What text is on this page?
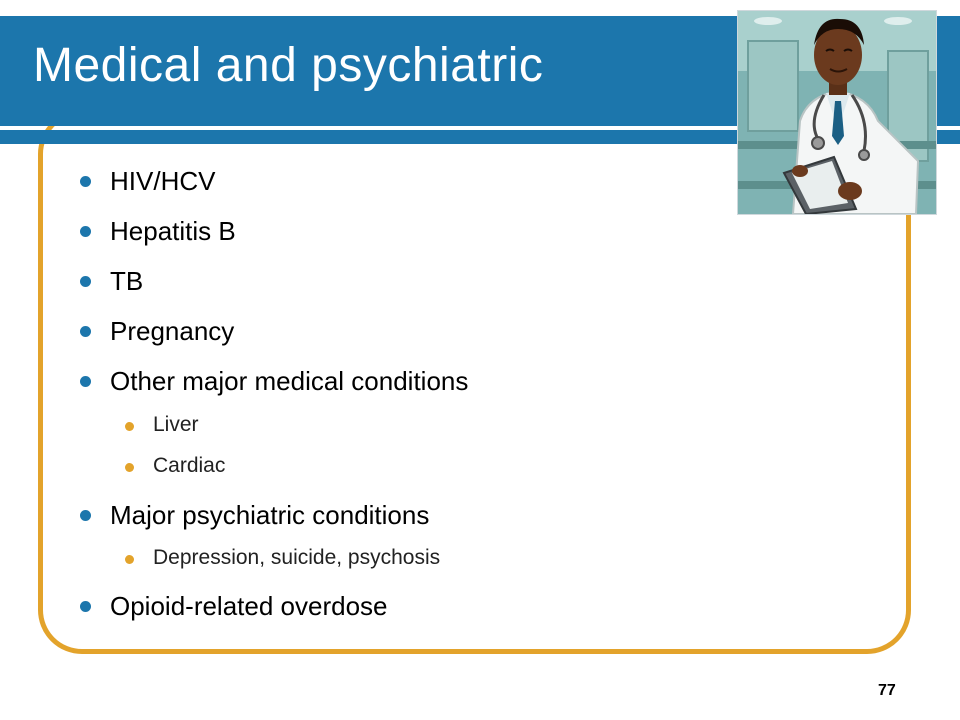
Medical and psychiatric
HIV/HCV
Hepatitis B
TB
Pregnancy
Other major medical conditions
Liver
Cardiac
Major psychiatric conditions
Depression, suicide, psychosis
Opioid-related overdose
77
